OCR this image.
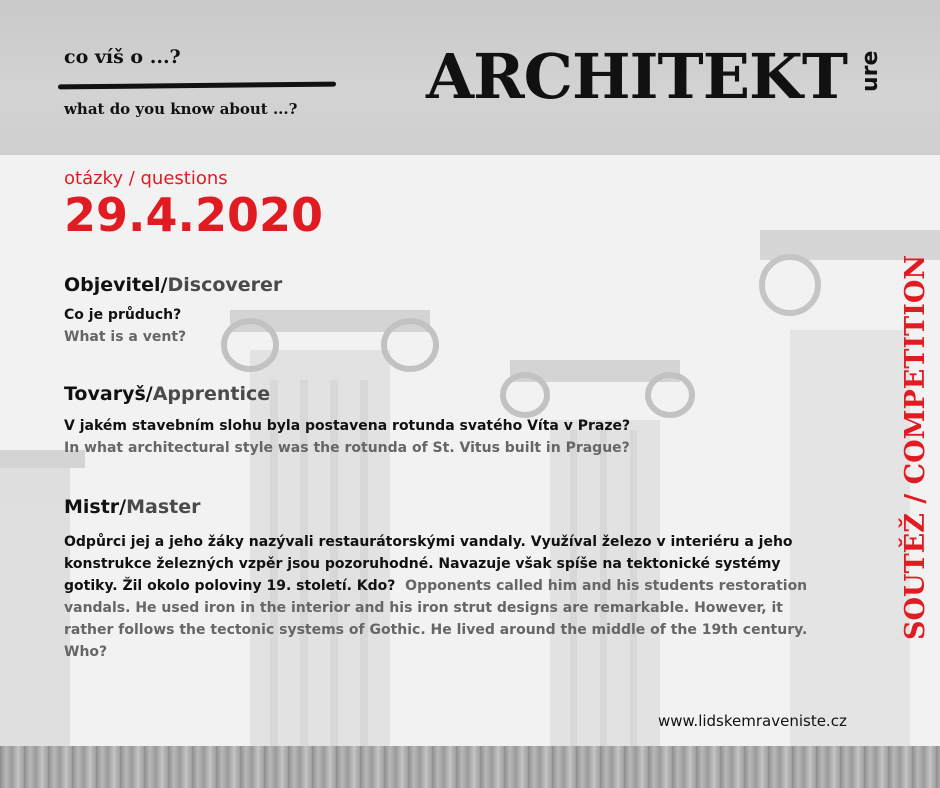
co víš o ...?
what do you know about ...? ARCHITEKT ure
otázky / questions
29.4.2020
Objevitel/Discoverer
Co je průduch?
What is a vent?
Tovaryš/Apprentice
V jakém stavebním slohu byla postavena rotunda svatého Víta v Praze?
In what architectural style was the rotunda of St. Vitus built in Prague?
Mistr/Master
Odpůrci jej a jeho žáky nazývali restaurátorskými vandaly. Využíval železo v interiéru a jeho konstrukce železných vzpěr jsou pozoruhodné. Navazuje však spíše na tektonické systémy gotiky. Žil okolo poloviny 19. století. Kdo? Opponents called him and his students restoration vandals. He used iron in the interior and his iron strut designs are remarkable. However, it rather follows the tectonic systems of Gothic. He lived around the middle of the 19th century. Who?
SOUTĚŽ / COMPETITION
www.lidskemraveniste.cz
